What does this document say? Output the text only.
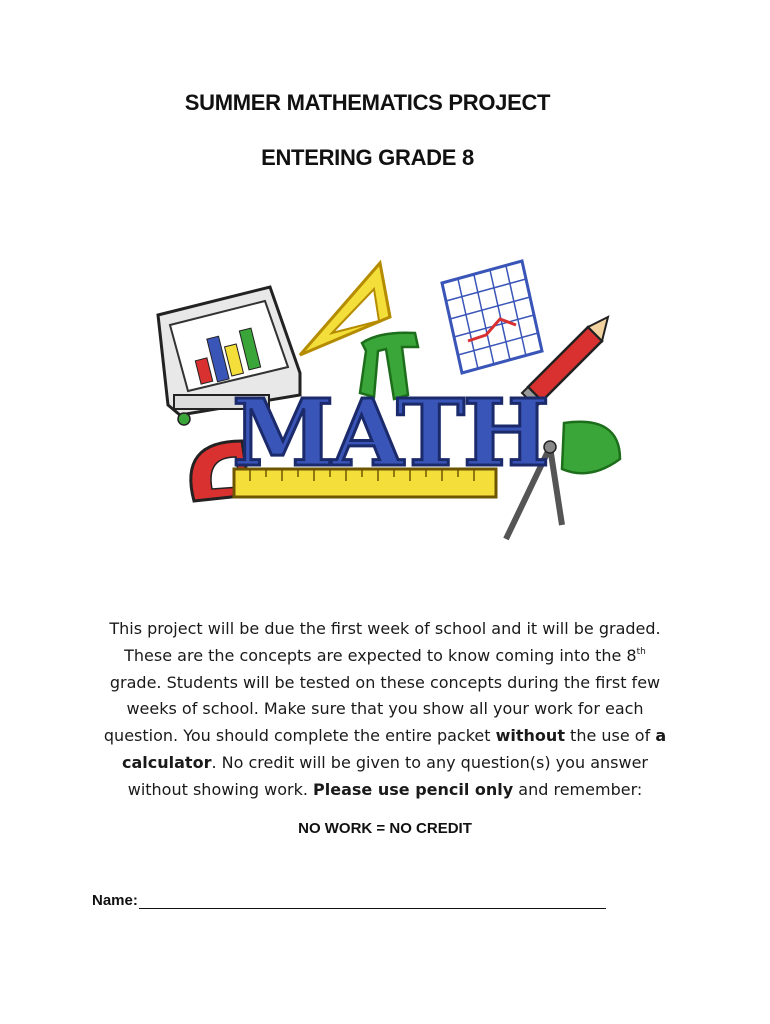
SUMMER MATHEMATICS PROJECT
ENTERING GRADE 8
MATH
This project will be due the first week of school and it will be graded. These are the concepts are expected to know coming into the 8th grade. Students will be tested on these concepts during the first few weeks of school. Make sure that you show all your work for each question. You should complete the entire packet without the use of a calculator. No credit will be given to any question(s) you answer without showing work. Please use pencil only and remember:
NO WORK = NO CREDIT
Name:
